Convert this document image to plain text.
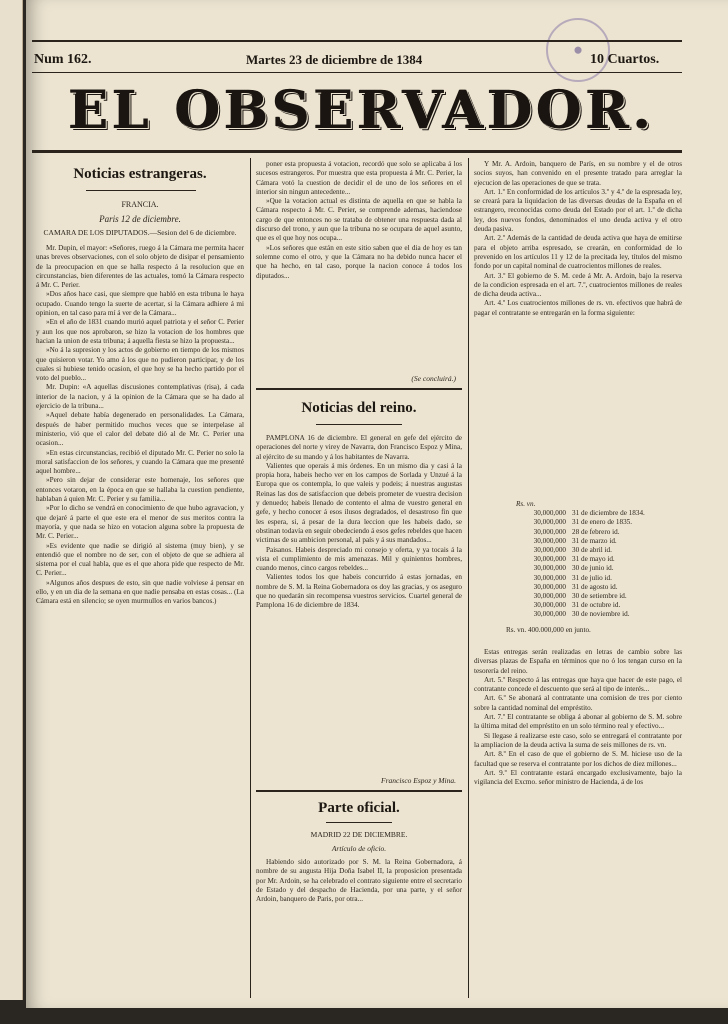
⬤
Num 162.	Martes 23 de diciembre de 1384	10 Cuartos.
EL OBSERVADOR.
Noticias estrangeras.
FRANCIA.
Paris 12 de diciembre.
CAMARA DE LOS DIPUTADOS.—Sesion del 6 de diciembre.

Mr. Dupin, el mayor: «Señores, ruego á la Cámara me permita hacer unas breves observaciones, con el solo objeto de disipar el pensamiento de la preocupacion en que se halla respecto á la resolucion que en circunstancias, bien diferentes de las actuales, tomó la Cámara respecto á Mr. C. Perier.

»Dos años hace casi, que siempre que habló en esta tribuna le haya ocupado. Cuando tengo la suerte de acertar, si la Cámara adhiere á mi opinion, en tal caso para mí á ver de la Cámara...

»En el año de 1831 cuando murió aquel patriota y el señor C. Perier y aun los que nos aprobaron, se hizo la votacion de los hombres que hacian la union de esta tribuna; á aquella fiesta se hizo la propuesta...

»No á la supresion y los actos de gobierno en tiempo de los mismos que quisieron votar. Yo amo á los que no pudieron participar, y de los cuales si hubiese tenido ocasion, el que hoy se ha hecho partido por el voto del pueblo...

Mr. Dupin: «A aquellas discusiones contemplativas (risa), á cada interior de la nacion, y á la opinion de la Cámara que se ha dado al ejercicio de la tribuna...

»Aquel debate había degenerado en personalidades. La Cámara, después de haber permitido muchos veces que se interpelase al ministerio, vió que el calor del debate dió al de Mr. C. Perier una ocasion...

»En estas circunstancias, recibió el diputado Mr. C. Perier no solo la moral satisfaccion de los señores, y cuando la Cámara que me presenté aquel hombre...

»Pero sin dejar de considerar este homenaje, los señores que entonces votaron, en la época en que se hallaba la cuestion pendiente, hablaban á quien Mr. C. Perier y su familia...

»Por lo dicho se vendrá en conocimiento de que hubo agravacion, y que dejaré á parte el que este era el menor de sus meritos contra la mayoría, y que nada se hizo en votacion alguna sobre la propuesta de Mr. C. Perier...

»Es evidente que nadie se dirigió al sistema (muy bien), y se entendió que el nombre no de ser, con el objeto de que se adhiera al sistema por el cual habla, que es el que ahora pide que respecto de Mr. C. Perier...

»Algunos años despues de esto, sin que nadie volviese á pensar en ello, y en un dia de la semana en que nadie pensaba en estas cosas... (La Cámara está en silencio; se oyen murmullos en varios bancos.)

poner esta propuesta á votacion, recordó que solo se aplicaba á los sucesos estrangeros. Por muestra que esta propuesta á Mr. C. Perier, la Cámara votó la cuestion de decidir el de uno de los señores en el interior sin ningun antecedente...

»Que la votacion actual es distinta de aquella en que se habla la Cámara respecto á Mr. C. Perier, se comprende ademas, haciendose cargo de que entonces no se trataba de obtener una respuesta dada al discurso del trono, y aun que la tribuna no se ocupara de aquel asunto, que es el que hoy nos ocupa...

»Los señores que están en este sitio saben que el dia de hoy es tan solemne como el otro, y que la Cámara no ha debido nunca hacer el que ha hecho, en tal caso, porque la nacion conoce á todos los diputados...

(Se concluirá.)
Noticias del reino.

PAMPLONA 16 de diciembre. El general en gefe del ejército de operaciones del norte y virey de Navarra, don Francisco Espoz y Mina, al ejército de su mando y á los habitantes de Navarra.

Valientes que operais á mis órdenes. En un mismo dia y casi á la propia hora, habeis hecho ver en los campos de Sorlada y Unzué á la Europa que os contempla, lo que valeis y podeis; á nuestras augustas Reinas las dos de satisfaccion que debeis prometer de vuestra decision y denuedo; habeis llenado de contento el alma de vuestro general en gefe, y hecho conocer á esos ilusos degradados, el desastroso fin que les espera, si, á pesar de la dura leccion que les habeis dado, se obstinan todavía en seguir obedeciendo á esos gefes rebeldes que hacen victimas de su ambicion personal, al país y á sus mandados...

Paisanos. Habeis despreciado mi consejo y oferta, y ya tocais á la vista el cumplimiento de mis amenazas. Mil y quinientos hombres, cuando menos, cinco cargos rebeldes...

Valientes todos los que habeis concurrido á estas jornadas, en nombre de S. M. la Reina Gobernadora os doy las gracias, y os aseguro que no quedarán sin recompensa vuestros servicios. Cuartel general de Pamplona 16 de diciembre de 1834.

Francisco Espoz y Mina.
Parte oficial.
MADRID 22 DE DICIEMBRE.
Artículo de oficio.

Habiendo sido autorizado por S. M. la Reina Gobernadora, á nombre de su augusta Hija Doña Isabel II, la proposicion presentada por Mr. Ardoin, se ha celebrado el contrato siguiente entre el secretario de Estado y del despacho de Hacienda, por una parte, y el señor Ardoin, banquero de Paris, por otra...

Y Mr. A. Ardoin, banquero de París, en su nombre y el de otros socios suyos, han convenido en el presente tratado para arreglar la ejecucion de las operaciones de que se trata.

Art. 1.º En conformidad de los artículos 3.º y 4.º de la espresada ley, se creará para la liquidacion de las diversas deudas de la España en el estrangero, reconocidas como deuda del Estado por el art. 1.º de dicha ley, dos nuevos fondos, denominados el uno deuda activa y el otro deuda pasiva.

Art. 2.º Además de la cantidad de deuda activa que haya de emitirse para el objeto arriba espresado, se crearán, en conformidad de lo prevenido en los artículos 11 y 12 de la precitada ley, títulos del mismo fondo por un capital nominal de cuatrocientos millones de reales.

Art. 3.º El gobierno de S. M. cede á Mr. A. Ardoin, bajo la reserva de la condicion espresada en el art. 7.º, cuatrocientos millones de reales de dicha deuda activa...

Art. 4.º Los cuatrocientos millones de rs. vn. efectivos que habrá de pagar el contratante se entregarán en la forma siguiente:

Rs. vn.
30,000,000 31 de diciembre de 1834.
30,000,000 31 de enero de 1835.
30,000,000 28 de febrero id.
30,000,000 31 de marzo id.
30,000,000 30 de abril id.
30,000,000 31 de mayo id.
30,000,000 30 de junio id.
30,000,000 31 de julio id.
30,000,000 31 de agosto id.
30,000,000 30 de setiembre id.
30,000,000 31 de octubre id.
30,000,000 30 de noviembre id.
Rs. vn. 400.000,000 en junto.

Estas entregas serán realizadas en letras de cambio sobre las diversas plazas de España en términos que no ó los tengan curso en la tesorería del reino.

Art. 5.º Respecto á las entregas que haya que hacer de este pago, el contratante concede el descuento que será al tipo de interés...

Art. 6.º Se abonará al contratante una comision de tres por ciento sobre la cantidad nominal del empréstito.

Art. 7.º El contratante se obliga á abonar al gobierno de S. M. sobre la última mitad del empréstito en un solo término real y efectivo...

Si llegase á realizarse este caso, solo se entregará el contratante por la ampliacion de la deuda activa la suma de seis millones de rs. vn.

Art. 8.º En el caso de que el gobierno de S. M. hiciese uso de la facultad que se reserva el contratante por los dichos de diez millones...

Art. 9.º El contratante estará encargado exclusivamente, bajo la vigilancia del Excmo. señor ministro de Hacienda, á de los
